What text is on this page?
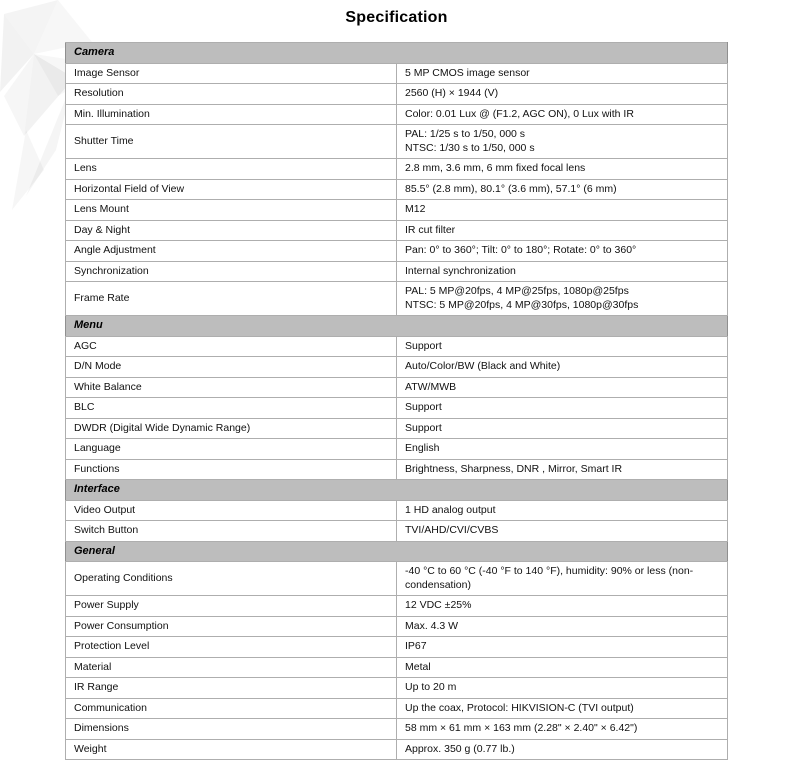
Specification
Camera	
Image Sensor	5 MP CMOS image sensor

Resolution	2560 (H) × 1944 (V)

Min. Illumination	Color: 0.01 Lux @ (F1.2, AGC ON), 0 Lux with IR

Shutter Time	PAL: 1/25 s to 1/50, 000 s
NTSC: 1/30 s to 1/50, 000 s

Lens	2.8 mm, 3.6 mm, 6 mm fixed focal lens

Horizontal Field of View	85.5° (2.8 mm), 80.1° (3.6 mm), 57.1° (6 mm)

Lens Mount	M12

Day & Night	IR cut filter

Angle Adjustment	Pan: 0° to 360°; Tilt: 0° to 180°; Rotate: 0° to 360°

Synchronization	Internal synchronization

Frame Rate	PAL: 5 MP@20fps, 4 MP@25fps, 1080p@25fps
NTSC: 5 MP@20fps, 4 MP@30fps, 1080p@30fps

Menu	
AGC	Support

D/N Mode	Auto/Color/BW (Black and White)

White Balance	ATW/MWB

BLC	Support

DWDR (Digital Wide Dynamic Range)	Support

Language	English

Functions	Brightness, Sharpness, DNR , Mirror, Smart IR

Interface	
Video Output	1 HD analog output

Switch Button	TVI/AHD/CVI/CVBS

General	
Operating Conditions	-40 °C to 60 °C (-40 °F to 140 °F), humidity: 90% or less (non-condensation)

Power Supply	12 VDC ±25%

Power Consumption	Max. 4.3 W

Protection Level	IP67

Material	Metal

IR Range	Up to 20 m

Communication	Up the coax, Protocol: HIKVISION-C (TVI output)

Dimensions	58 mm × 61 mm × 163 mm (2.28" × 2.40" × 6.42")

Weight	Approx. 350 g (0.77 lb.)
